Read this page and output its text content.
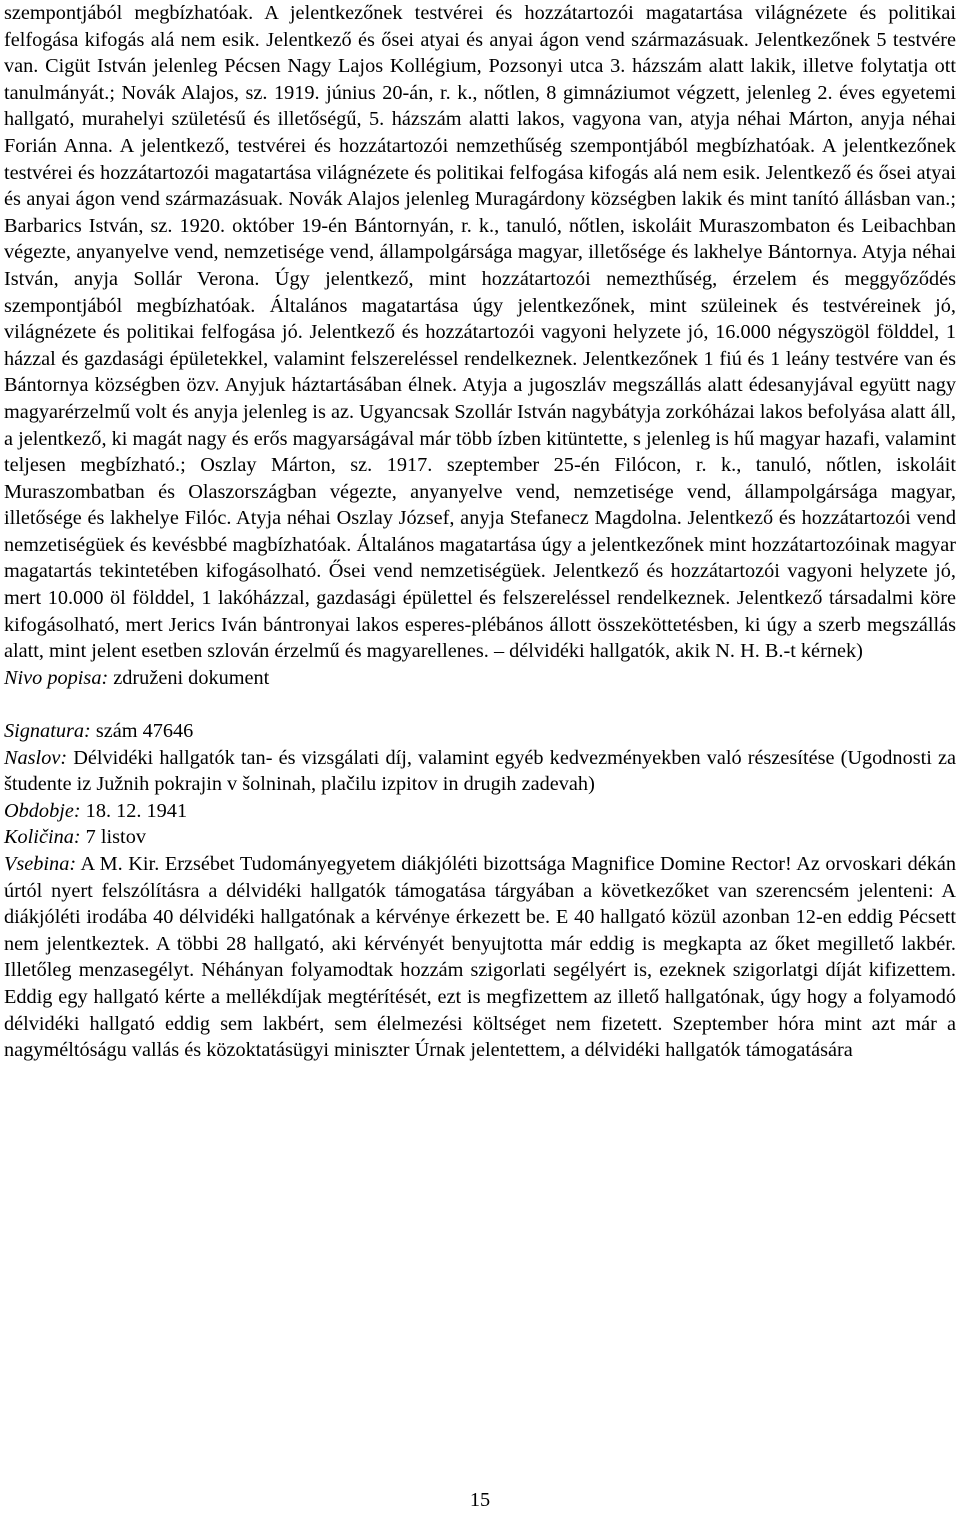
szempontjából megbízhatóak. A jelentkezőnek testvérei és hozzátartozói magatartása világnézete és politikai felfogása kifogás alá nem esik. Jelentkező és ősei atyai és anyai ágon vend származásuak. Jelentkezőnek 5 testvére van. Cigüt István jelenleg Pécsen Nagy Lajos Kollégium, Pozsonyi utca 3. házszám alatt lakik, illetve folytatja ott tanulmányát.; Novák Alajos, sz. 1919. június 20-án, r. k., nőtlen, 8 gimnáziumot végzett, jelenleg 2. éves egyetemi hallgató, murahelyi születésű és illetőségű, 5. házszám alatti lakos, vagyona van, atyja néhai Márton, anyja néhai Forián Anna. A jelentkező, testvérei és hozzátartozói nemzethűség szempontjából megbízhatóak. A jelentkezőnek testvérei és hozzátartozói magatartása világnézete és politikai felfogása kifogás alá nem esik. Jelentkező és ősei atyai és anyai ágon vend származásuak. Novák Alajos jelenleg Muragárdony községben lakik és mint tanító állásban van.; Barbarics István, sz. 1920. október 19-én Bántornyán, r. k., tanuló, nőtlen, iskoláit Muraszombaton és Leibachban végezte, anyanyelve vend, nemzetisége vend, állampolgársága magyar, illetősége és lakhelye Bántornya. Atyja néhai István, anyja Sollár Verona. Úgy jelentkező, mint hozzátartozói nemezthűség, érzelem és meggyőződés szempontjából megbízhatóak. Általános magatartása úgy jelentkezőnek, mint szüleinek és testvéreinek jó, világnézete és politikai felfogása jó. Jelentkező és hozzátartozói vagyoni helyzete jó, 16.000 négyszögöl földdel, 1 házzal és gazdasági épületekkel, valamint felszereléssel rendelkeznek. Jelentkezőnek 1 fiú és 1 leány testvére van és Bántornya községben özv. Anyjuk háztartásában élnek. Atyja a jugoszláv megszállás alatt édesanyjával együtt nagy magyarérzelmű volt és anyja jelenleg is az. Ugyancsak Szollár István nagybátyja zorkóházai lakos befolyása alatt áll, a jelentkező, ki magát nagy és erős magyarságával már több ízben kitüntette, s jelenleg is hű magyar hazafi, valamint teljesen megbízható.; Oszlay Márton, sz. 1917. szeptember 25-én Filócon, r. k., tanuló, nőtlen, iskoláit Muraszombatban és Olaszországban végezte, anyanyelve vend, nemzetisége vend, állampolgársága magyar, illetősége és lakhelye Filóc. Atyja néhai Oszlay József, anyja Stefanecz Magdolna. Jelentkező és hozzátartozói vend nemzetiségüek és kevésbbé magbízhatóak. Általános magatartása úgy a jelentkezőnek mint hozzátartozóinak magyar magatartás tekintetében kifogásolható. Ősei vend nemzetiségüek. Jelentkező és hozzátartozói vagyoni helyzete jó, mert 10.000 öl földdel, 1 lakóházzal, gazdasági épülettel és felszereléssel rendelkeznek. Jelentkező társadalmi köre kifogásolható, mert Jerics Iván bántronyai lakos esperes-plébános állott összeköttetésben, ki úgy a szerb megszállás alatt, mint jelent esetben szlován érzelmű és magyarellenes. – délvidéki hallgatók, akik N. H. B.-t kérnek)

Nivo popisa: združeni dokument

Signatura: szám 47646

Naslov: Délvidéki hallgatók tan- és vizsgálati díj, valamint egyéb kedvezményekben való részesítése (Ugodnosti za študente iz Južnih pokrajin v šolninah, plačilu izpitov in drugih zadevah)

Obdobje: 18. 12. 1941

Količina: 7 listov

Vsebina: A M. Kir. Erzsébet Tudományegyetem diákjóléti bizottsága Magnifice Domine Rector! Az orvoskari dékán úrtól nyert felszólításra a délvidéki hallgatók támogatása tárgyában a következőket van szerencsém jelenteni: A diákjóléti irodába 40 délvidéki hallgatónak a kérvénye érkezett be. E 40 hallgató közül azonban 12-en eddig Pécsett nem jelentkeztek. A többi 28 hallgató, aki kérvényét benyujtotta már eddig is megkapta az őket megillető lakbér. Illetőleg menzasegélyt. Néhányan folyamodtak hozzám szigorlati segélyért is, ezeknek szigorlatgi díját kifizettem. Eddig egy hallgató kérte a mellékdíjak megtérítését, ezt is megfizettem az illető hallgatónak, úgy hogy a folyamodó délvidéki hallgató eddig sem lakbért, sem élelmezési költséget nem fizetett. Szeptember hóra mint azt már a nagyméltóságu vallás és közoktatásügyi miniszter Úrnak jelentettem, a délvidéki hallgatók támogatására

15
